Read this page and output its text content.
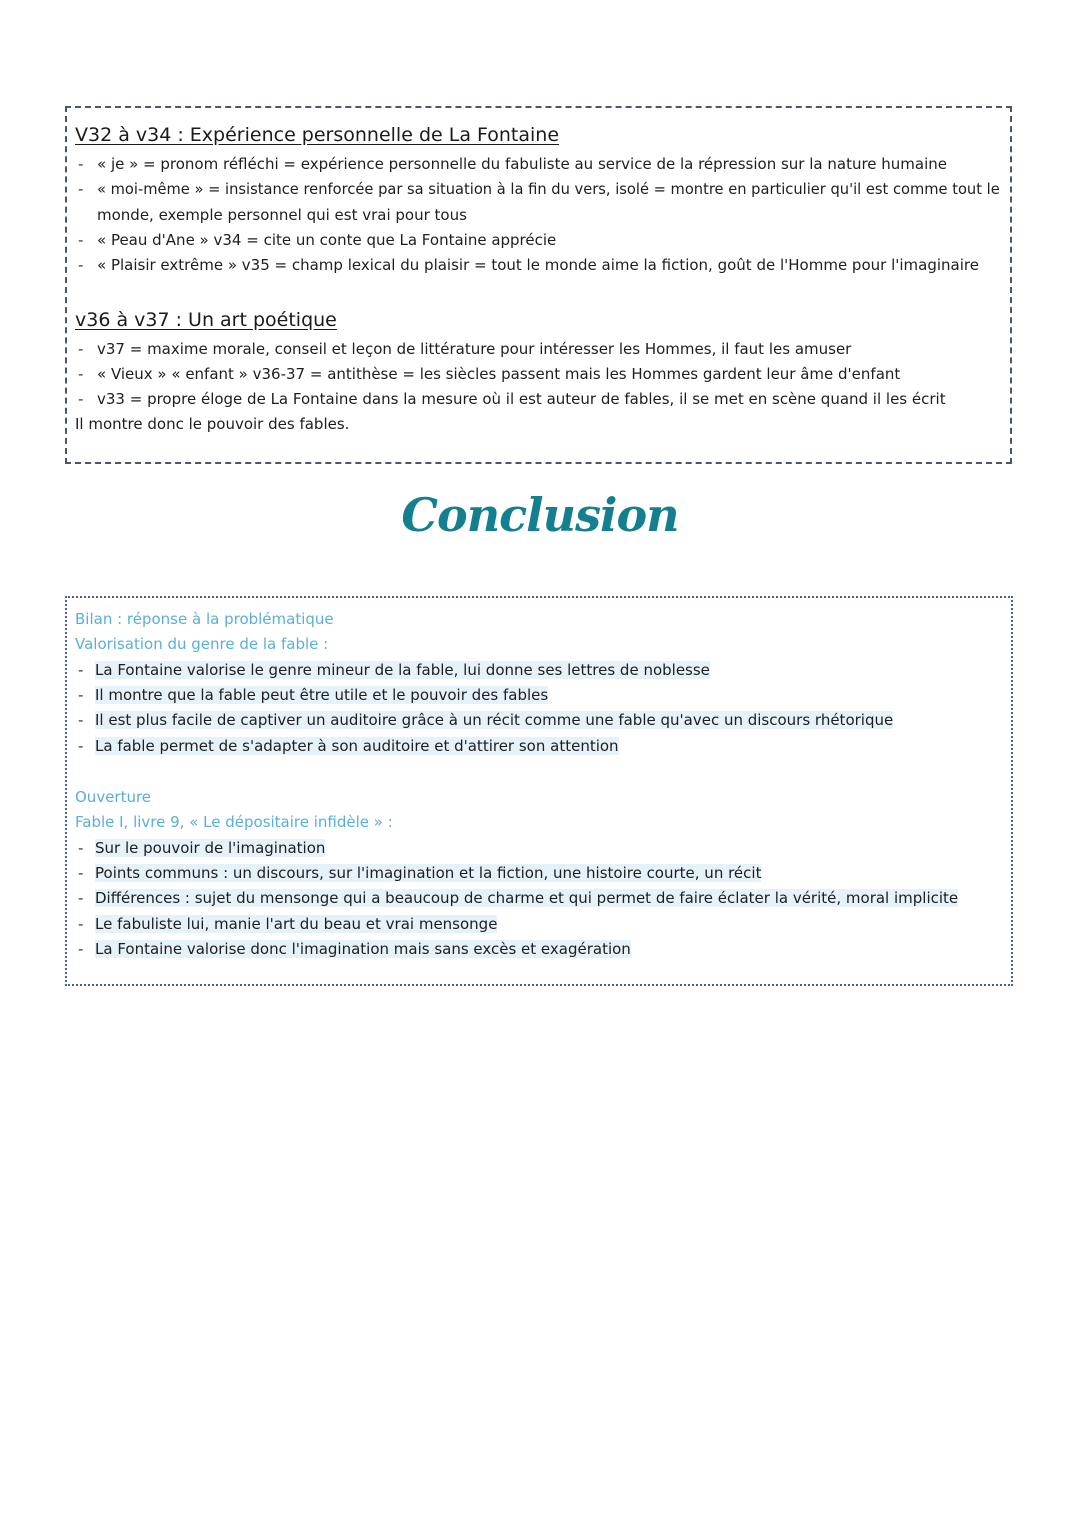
V32 à v34 : Expérience personnelle de La Fontaine
- « je » = pronom réfléchi = expérience personnelle du fabuliste au service de la répression sur la nature humaine
- « moi-même » = insistance renforcée par sa situation à la fin du vers, isolé = montre en particulier qu'il est comme tout le
monde, exemple personnel qui est vrai pour tous
- « Peau d'Ane » v34 = cite un conte que La Fontaine apprécie
- « Plaisir extrême » v35 = champ lexical du plaisir = tout le monde aime la fiction, goût de l'Homme pour l'imaginaire
v36 à v37 : Un art poétique
- v37 = maxime morale, conseil et leçon de littérature pour intéresser les Hommes, il faut les amuser
- « Vieux » « enfant » v36-37 = antithèse = les siècles passent mais les Hommes gardent leur âme d'enfant
- v33 = propre éloge de La Fontaine dans la mesure où il est auteur de fables, il se met en scène quand il les écrit
Il montre donc le pouvoir des fables.
Conclusion
Bilan : réponse à la problématique
Valorisation du genre de la fable :
- La Fontaine valorise le genre mineur de la fable, lui donne ses lettres de noblesse
- Il montre que la fable peut être utile et le pouvoir des fables
- Il est plus facile de captiver un auditoire grâce à un récit comme une fable qu'avec un discours rhétorique
- La fable permet de s'adapter à son auditoire et d'attirer son attention
Ouverture
Fable I, livre 9, « Le dépositaire infidèle » :
- Sur le pouvoir de l'imagination
- Points communs : un discours, sur l'imagination et la fiction, une histoire courte, un récit
- Différences : sujet du mensonge qui a beaucoup de charme et qui permet de faire éclater la vérité, moral implicite
- Le fabuliste lui, manie l'art du beau et vrai mensonge
- La Fontaine valorise donc l'imagination mais sans excès et exagération
